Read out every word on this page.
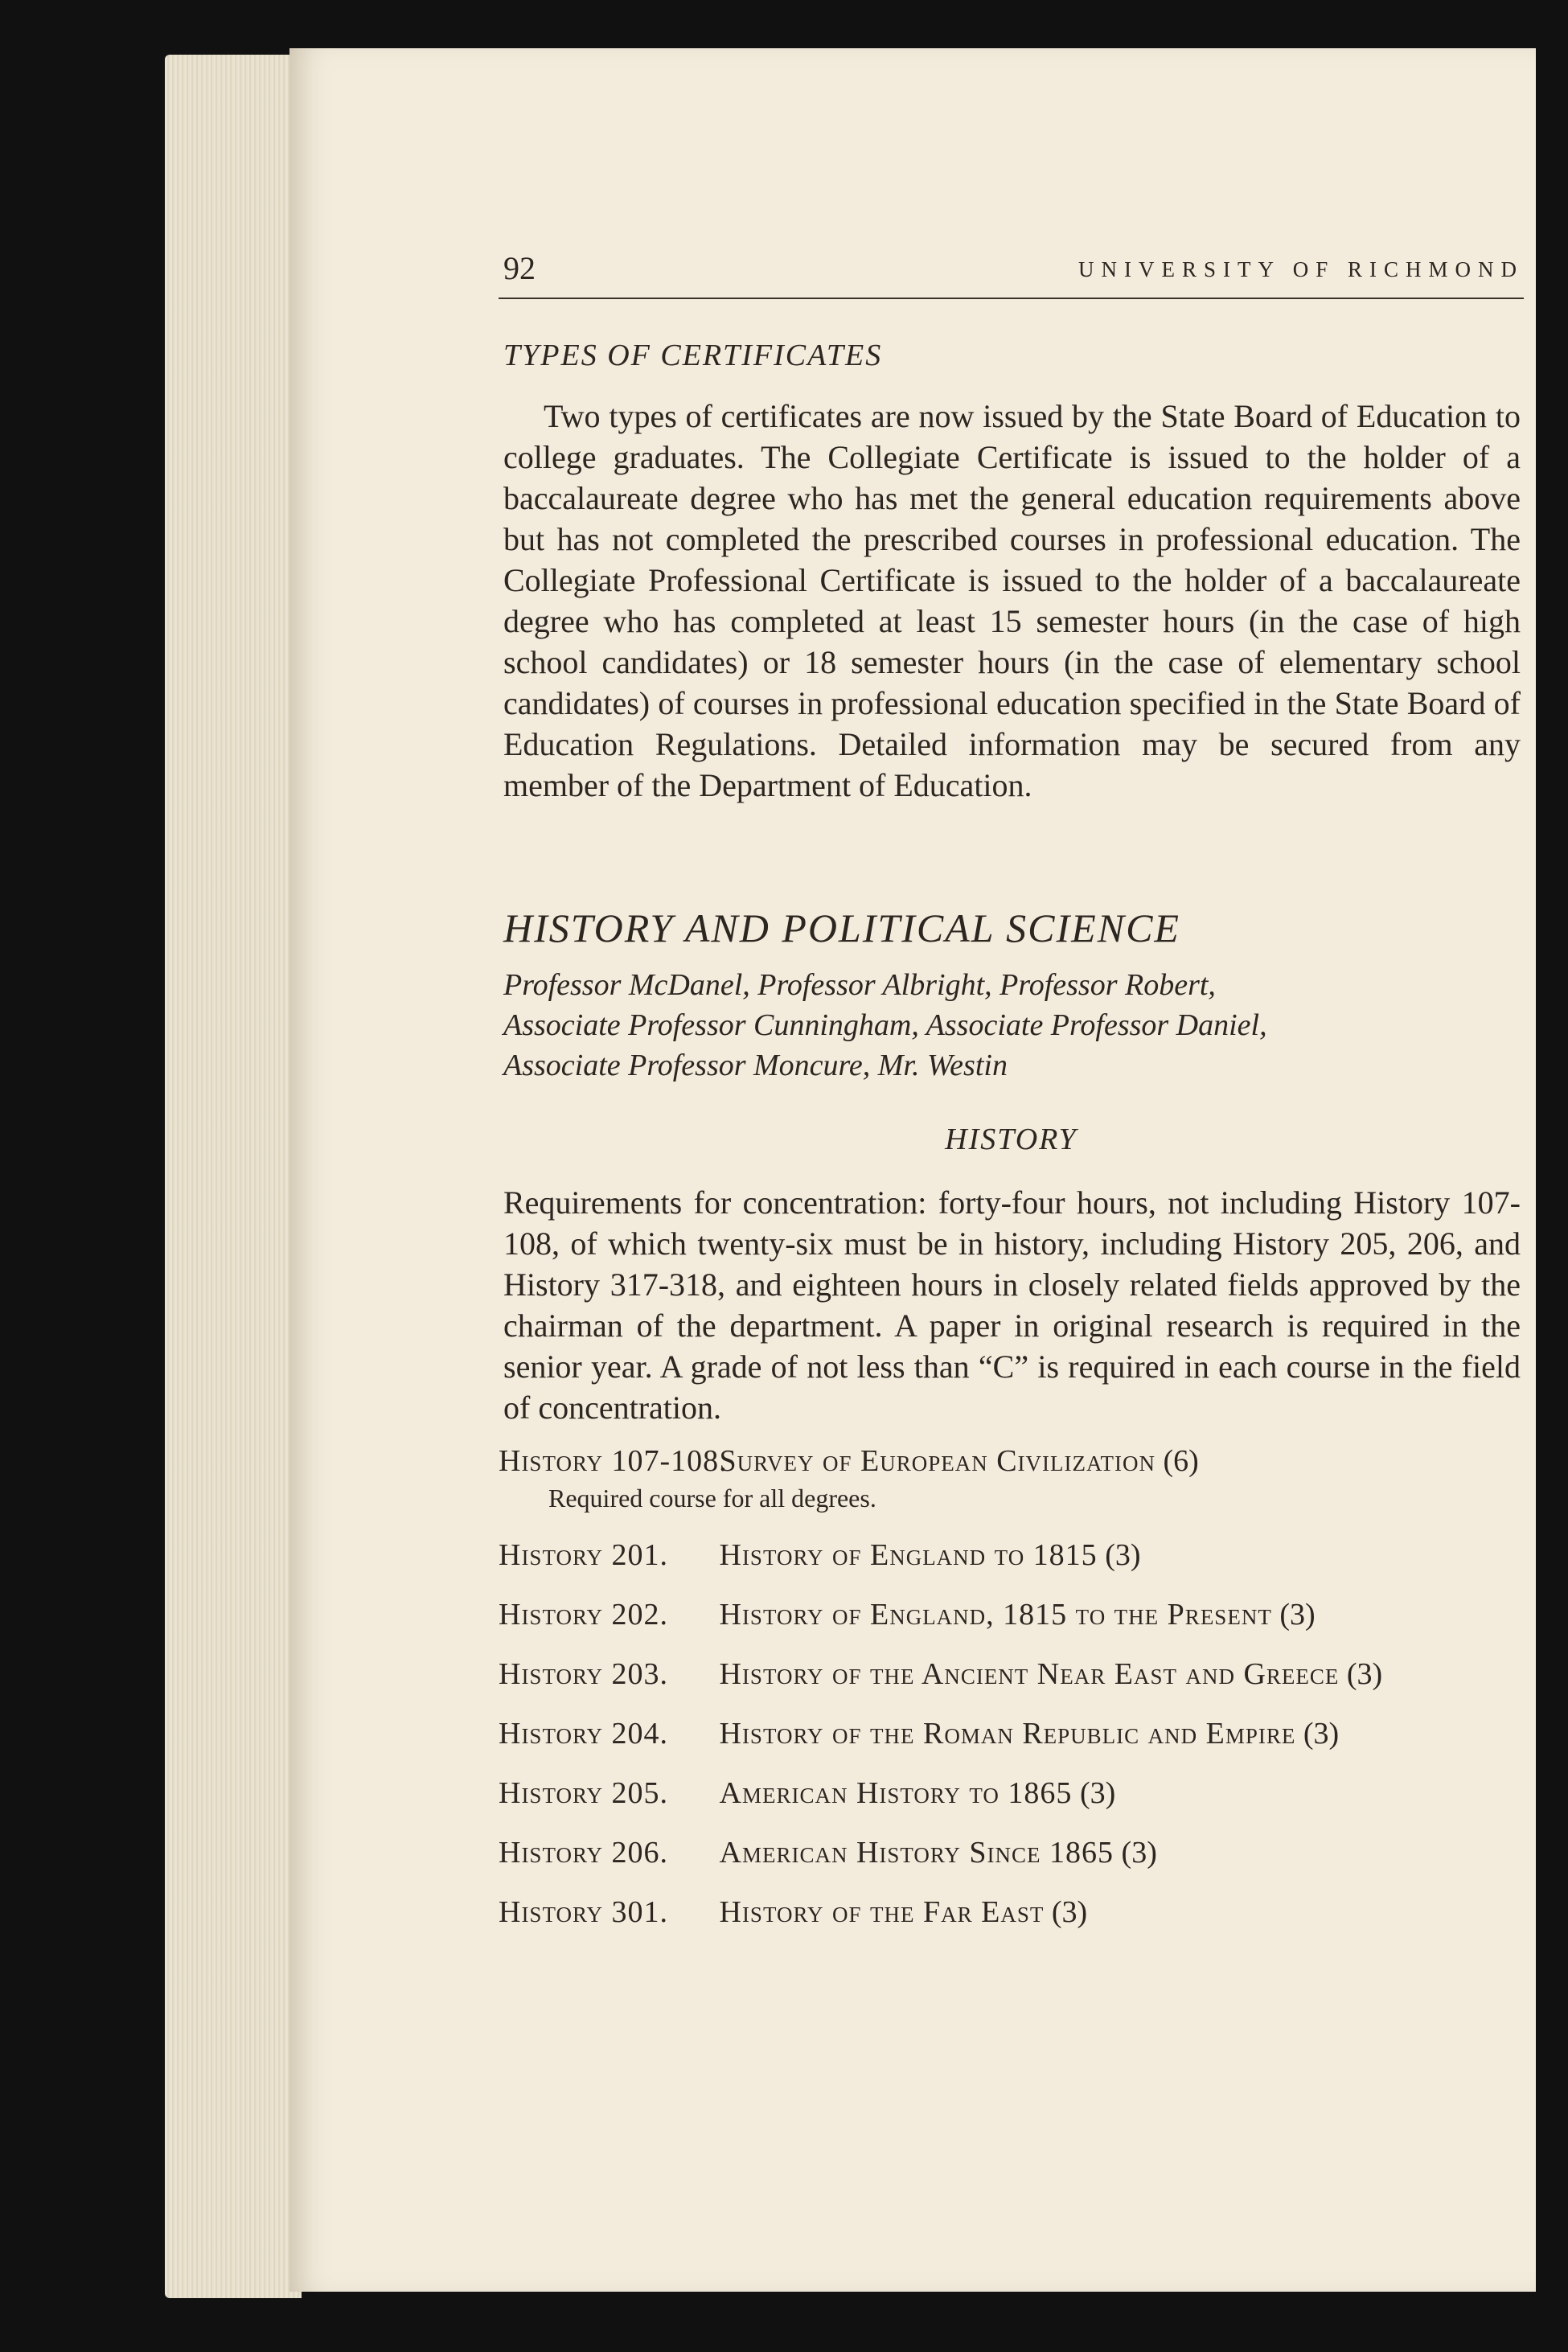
92	UNIVERSITY OF RICHMOND
TYPES OF CERTIFICATES

Two types of certificates are now issued by the State Board of Education to college graduates. The Collegiate Certificate is issued to the holder of a baccalaureate degree who has met the general education requirements above but has not completed the prescribed courses in professional education. The Collegiate Professional Certificate is issued to the holder of a baccalaureate degree who has completed at least 15 semester hours (in the case of high school candidates) or 18 semester hours (in the case of elementary school candidates) of courses in professional education specified in the State Board of Education Regulations. Detailed information may be secured from any member of the Department of Education.

HISTORY AND POLITICAL SCIENCE
Professor McDanel, Professor Albright, Professor Robert,
Associate Professor Cunningham, Associate Professor Daniel,
Associate Professor Moncure, Mr. Westin
HISTORY

Requirements for concentration: forty-four hours, not including History 107-108, of which twenty-six must be in history, including History 205, 206, and History 317-318, and eighteen hours in closely related fields approved by the chairman of the department. A paper in original research is required in the senior year. A grade of not less than “C” is required in each course in the field of concentration.

History 107-108. Survey of European Civilization (6)
Required course for all degrees.
History 201. History of England to 1815 (3)
History 202. History of England, 1815 to the Present (3)
History 203. History of the Ancient Near East and Greece (3)
History 204. History of the Roman Republic and Empire (3)
History 205. American History to 1865 (3)
History 206. American History Since 1865 (3)
History 301. History of the Far East (3)
